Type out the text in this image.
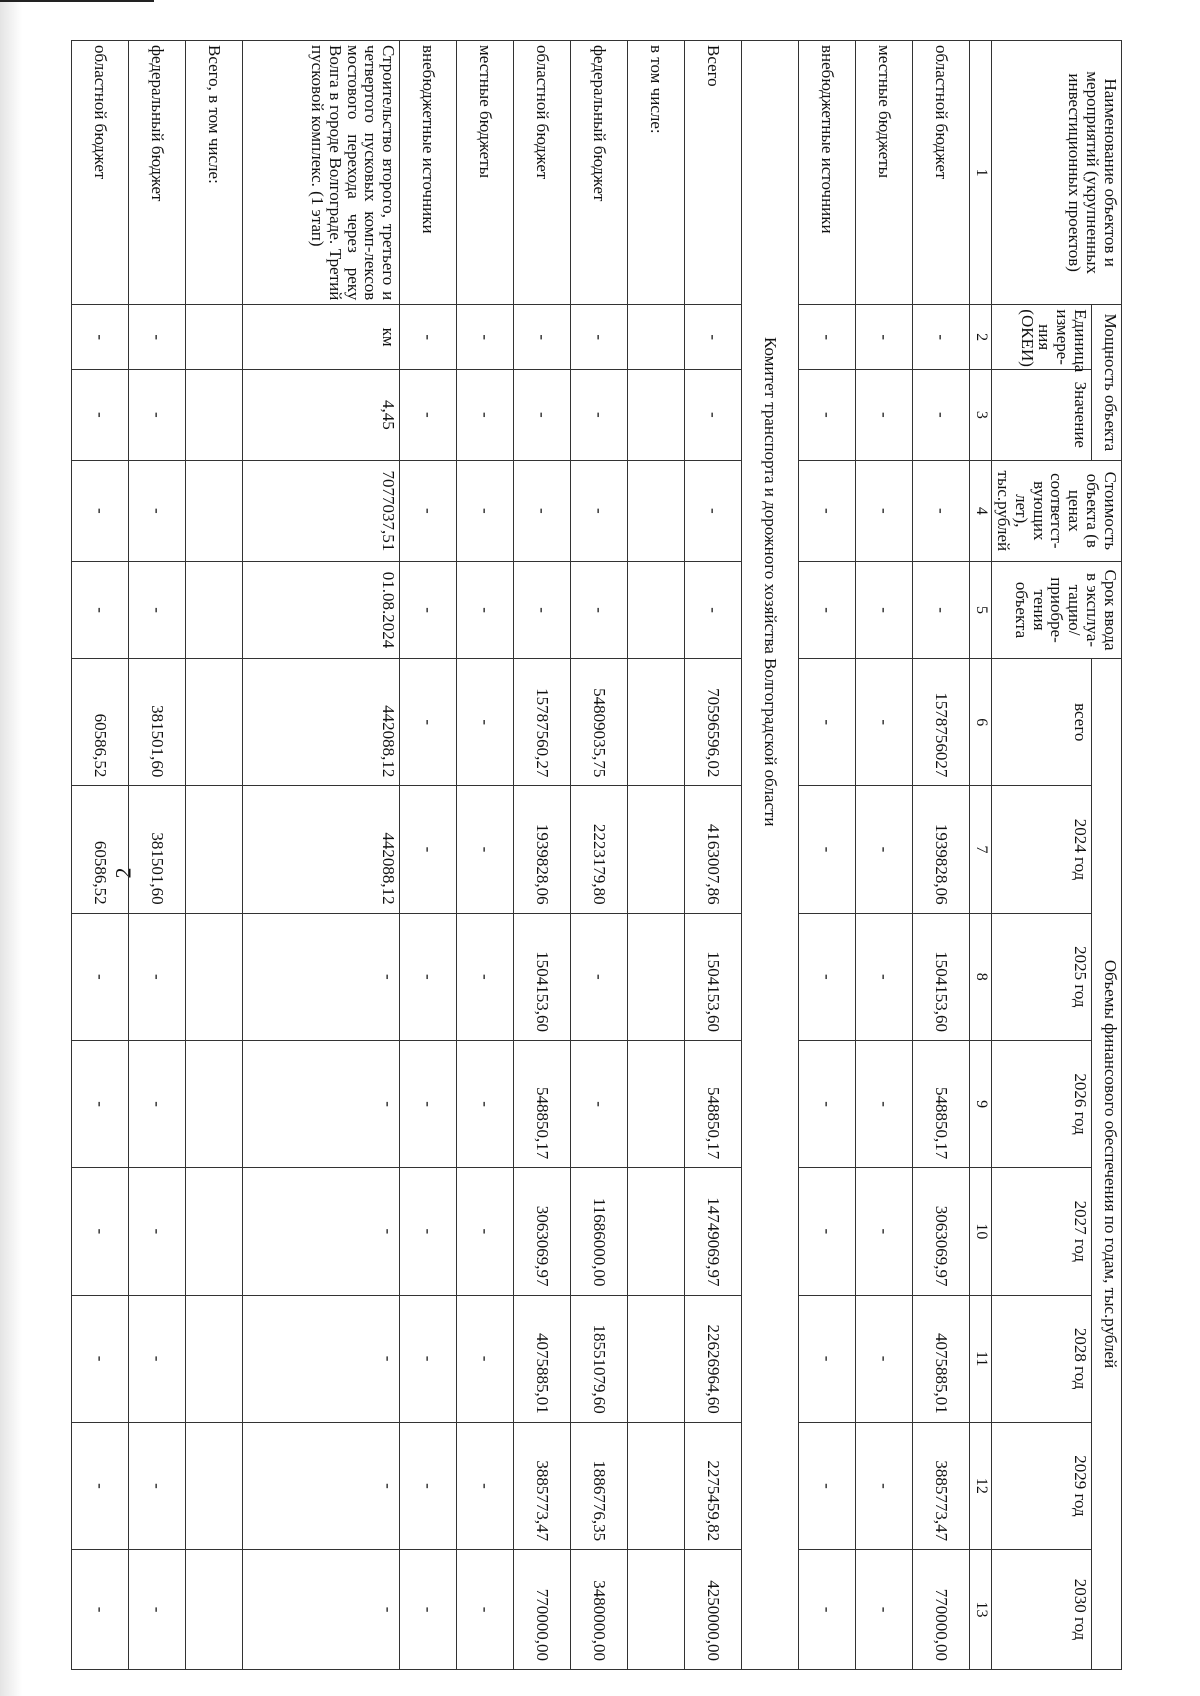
2
Наименование объектов и мероприятий (укрупненных инвестиционных проектов)	Мощность объекта		Стоимость объекта (в ценах соответст-вующих лет), тыс.рублей	Срок ввода в эксплуа-тацию/ приобре-тения объекта	Объемы финансового обеспечения по годам, тыс.рублей							
	Единица измере-ния (ОКЕИ)	Значение			всего	2024 год	2025 год	2026 год	2027 год	2028 год	2029 год	2030 год
1	2	3	4	5	6	7	8	9	10	11	12	13
областной бюджет	-	-	-	-	1578756027	1939828,06	1504153,60	548850,17	3063069,97	4075885,01	3885773,47	770000,00
местные бюджеты	-	-	-	-	-	-	-	-	-	-	-	-
внебюджетные источники	-	-	-	-	-	-	-	-	-	-	-	-
Комитет транспорта и дорожного хозяйства Волгоградской области												
Всего	-	-	-	-	70596596,02	4163007,86	1504153,60	548850,17	14749069,97	22626964,60	2275459,82	4250000,00
в том числе:												
федеральный бюджет	-	-	-	-	54809035,75	2223179,80	-	-	11686000,00	18551079,60	1886776,35	3480000,00
областной бюджет	-	-	-	-	15787560,27	1939828,06	1504153,60	548850,17	3063069,97	4075885,01	3885773,47	770000,00
местные бюджеты	-	-	-	-	-	-	-	-	-	-	-	-
внебюджетные источники	-	-	-	-	-	-	-	-	-	-	-	-
Строительство второго, третьего и четвертого пусковых комп-лексов мостового перехода через реку Волга в городе Волгограде. Третий пусковой комплекс. (1 этап)	км	4,45	7077037,51	01.08.2024	442088,12	442088,12	-	-	-	-	-	-
Всего, в том числе:												
федеральный бюджет	-	-	-	-	381501,60	381501,60	-	-	-	-	-	-
областной бюджет	-	-	-	-	60586,52	60586,52	-	-	-	-	-	-
